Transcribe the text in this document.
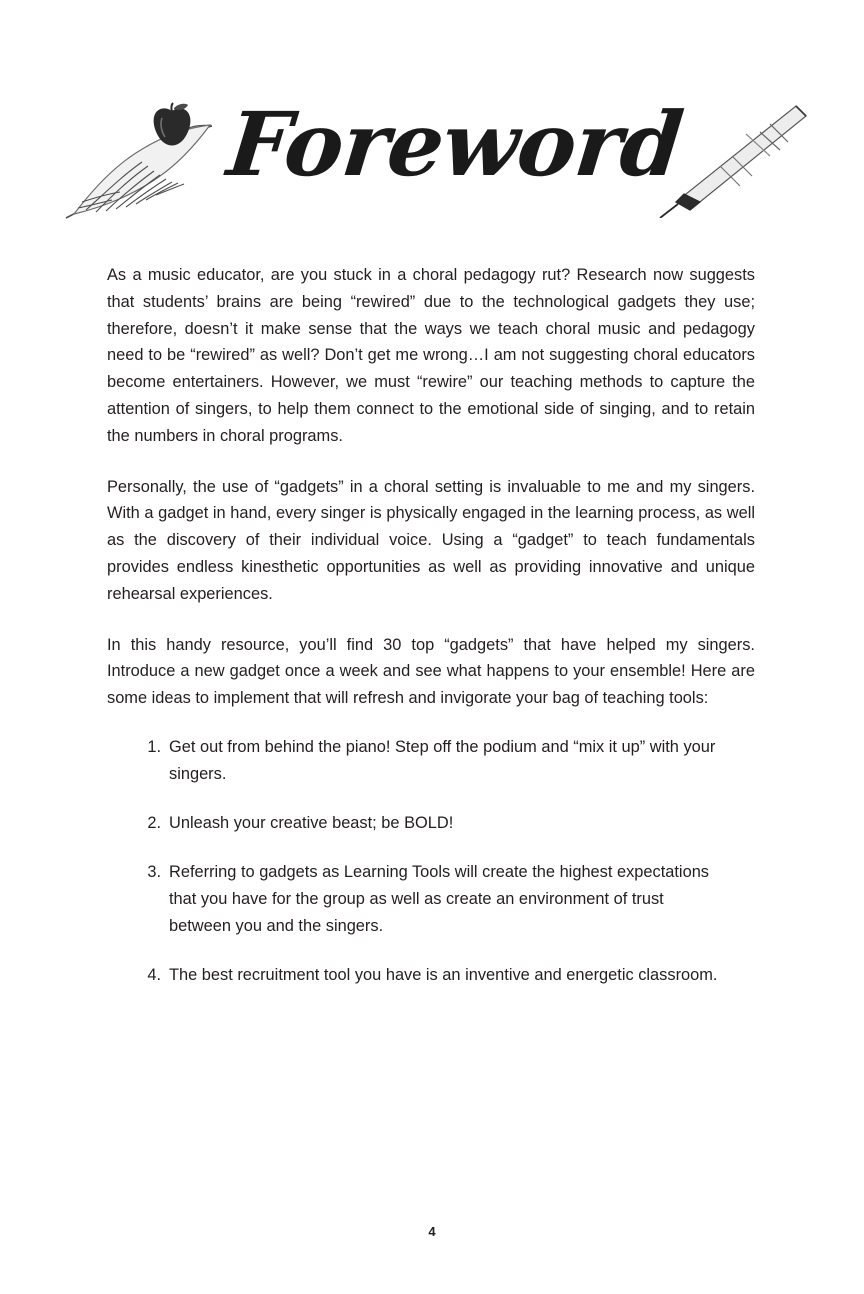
Foreword

As a music educator, are you stuck in a choral pedagogy rut? Research now suggests that students’ brains are being “rewired” due to the technological gadgets they use; therefore, doesn’t it make sense that the ways we teach choral music and pedagogy need to be “rewired” as well? Don’t get me wrong…I am not suggesting choral educators become entertainers. However, we must “rewire” our teaching methods to capture the attention of singers, to help them connect to the emotional side of singing, and to retain the numbers in choral programs.

Personally, the use of “gadgets” in a choral setting is invaluable to me and my singers. With a gadget in hand, every singer is physically engaged in the learning process, as well as the discovery of their individual voice. Using a “gadget” to teach fundamentals provides endless kinesthetic opportunities as well as providing innovative and unique rehearsal experiences.

In this handy resource, you’ll find 30 top “gadgets” that have helped my singers. Introduce a new gadget once a week and see what happens to your ensemble! Here are some ideas to implement that will refresh and invigorate your bag of teaching tools:

Get out from behind the piano! Step off the podium and “mix it up” with your singers.
Unleash your creative beast; be BOLD!
Referring to gadgets as Learning Tools will create the highest expectations that you have for the group as well as create an environment of trust between you and the singers.
The best recruitment tool you have is an inventive and energetic classroom.
4
